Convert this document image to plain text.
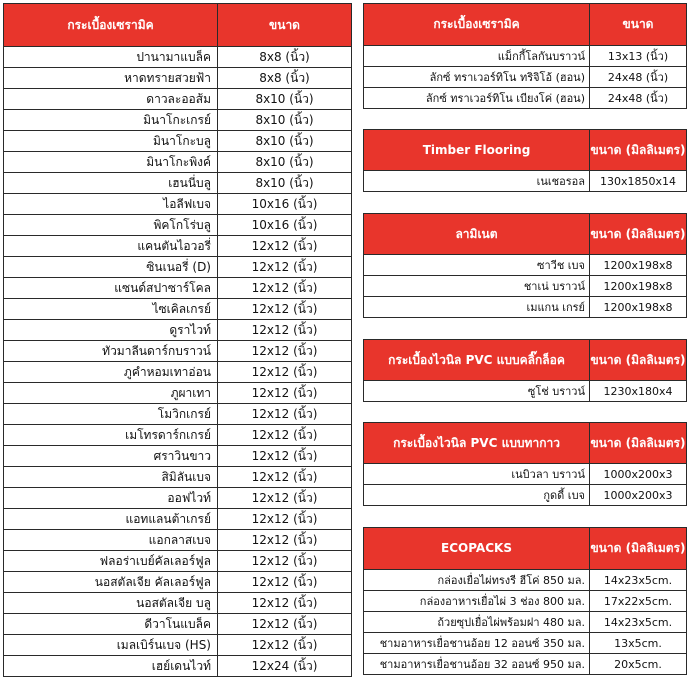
กระเบื้องเซรามิค	ขนาด
ปานามาแบล็ค	8x8 (นิ้ว)
หาดทรายสวยฟ้า	8x8 (นิ้ว)
ดาวละออส้ม	8x10 (นิ้ว)
มินาโกะเกรย์	8x10 (นิ้ว)
มินาโกะบลู	8x10 (นิ้ว)
มินาโกะพิงค์	8x10 (นิ้ว)
เฮนนี่บลู	8x10 (นิ้ว)
ไอลีฟเบจ	10x16 (นิ้ว)
พิคโกโร่บลู	10x16 (นิ้ว)
แคนตันไอวอรี่	12x12 (นิ้ว)
ซินเนอรี่ (D)	12x12 (นิ้ว)
แซนด์สปาซาร์โคล	12x12 (นิ้ว)
ไซเคิลเกรย์	12x12 (นิ้ว)
ดูราไวท์	12x12 (นิ้ว)
ทัวมาลีนดาร์กบราวน์	12x12 (นิ้ว)
ภูคำหอมเทาอ่อน	12x12 (นิ้ว)
ภูผาเทา	12x12 (นิ้ว)
โมวิกเกรย์	12x12 (นิ้ว)
เมโทรดาร์กเกรย์	12x12 (นิ้ว)
ศราวินขาว	12x12 (นิ้ว)
สิมิลันเบจ	12x12 (นิ้ว)
ออฟไวท์	12x12 (นิ้ว)
แอทแลนต้าเกรย์	12x12 (นิ้ว)
แอกลาสเบจ	12x12 (นิ้ว)
ฟลอร่าเบย์คัลเลอร์ฟูล	12x12 (นิ้ว)
นอสตัลเจีย คัลเลอร์ฟูล	12x12 (นิ้ว)
นอสตัลเจีย บลู	12x12 (นิ้ว)
ดีวาโนแบล็ค	12x12 (นิ้ว)
เมลเบิร์นเบจ (HS)	12x12 (นิ้ว)
เฮย์เดนไวท์	12x24 (นิ้ว)
กระเบื้องเซรามิค	ขนาด
แม็กกี้โลกันบราวน์	13x13 (นิ้ว)
ลักซ์ ทราเวอร์ทิโน ทริจิโอ้ (ฮอน)	24x48 (นิ้ว)
ลักซ์ ทราเวอร์ทิโน เบียงโค่ (ฮอน)	24x48 (นิ้ว)
Timber Flooring	ขนาด (มิลลิเมตร)
เนเชอรอล	130x1850x14
ลามิเนต	ขนาด (มิลลิเมตร)
ซาวีช เบจ	1200x198x8
ชาเน่ บราวน์	1200x198x8
เมแกน เกรย์	1200x198x8
กระเบื้องไวนิล PVC แบบคลิ๊กล็อค	ขนาด (มิลลิเมตร)
ซูโช่ บราวน์	1230x180x4
กระเบื้องไวนิล PVC แบบทากาว	ขนาด (มิลลิเมตร)
เนบิวลา บราวน์	1000x200x3
กูดดี้ เบจ	1000x200x3
ECOPACKS	ขนาด (มิลลิเมตร)
กล่องเยื่อไผ่ทรงรี ฮีโค่ 850 มล.	14x23x5cm.
กล่องอาหารเยื่อไผ่ 3 ช่อง 800 มล.	17x22x5cm.
ถ้วยซุปเยื่อไผ่พร้อมฝา 480 มล.	14x23x5cm.
ชามอาหารเยื่อชานอ้อย 12 ออนซ์ 350 มล.	13x5cm.
ชามอาหารเยื่อชานอ้อย 32 ออนซ์ 950 มล.	20x5cm.
